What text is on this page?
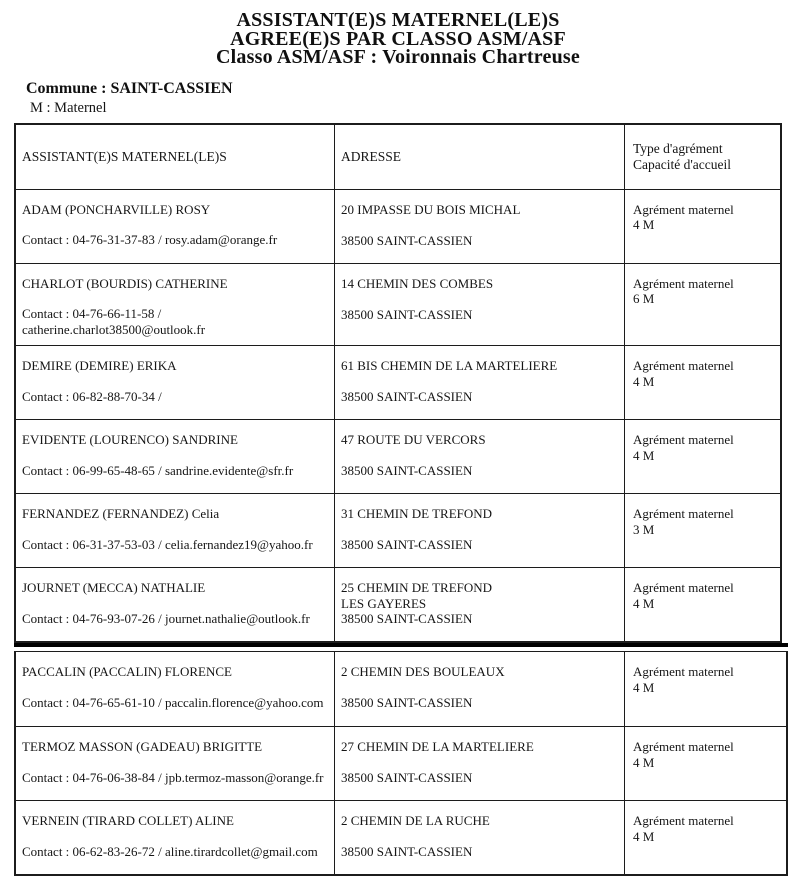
ASSISTANT(E)S MATERNEL(LE)S
AGREE(E)S PAR CLASSO ASM/ASF
Classo ASM/ASF : Voironnais Chartreuse
Commune : SAINT-CASSIEN
M : Maternel
ASSISTANT(E)S MATERNEL(LE)S	ADRESSE
Type d'agrément
Capacité d'accueil
ADAM (PONCHARVILLE) ROSY
Contact : 04-76-31-37-83 / rosy.adam@orange.fr
20 IMPASSE DU BOIS MICHAL
38500 SAINT-CASSIEN
Agrément maternel
4 M
CHARLOT (BOURDIS) CATHERINE
Contact : 04-76-66-11-58 / catherine.charlot38500@outlook.fr
14 CHEMIN DES COMBES
38500 SAINT-CASSIEN
Agrément maternel
6 M
DEMIRE (DEMIRE) ERIKA
Contact : 06-82-88-70-34 /
61 BIS CHEMIN DE LA MARTELIERE
38500 SAINT-CASSIEN
Agrément maternel
4 M
EVIDENTE (LOURENCO) SANDRINE
Contact : 06-99-65-48-65 / sandrine.evidente@sfr.fr
47 ROUTE DU VERCORS
38500 SAINT-CASSIEN
Agrément maternel
4 M
FERNANDEZ (FERNANDEZ) Celia
Contact : 06-31-37-53-03 / celia.fernandez19@yahoo.fr
31 CHEMIN DE TREFOND
38500 SAINT-CASSIEN
Agrément maternel
3 M
JOURNET (MECCA) NATHALIE
Contact : 04-76-93-07-26 / journet.nathalie@outlook.fr
25 CHEMIN DE TREFOND
LES GAYERES
38500 SAINT-CASSIEN
Agrément maternel
4 M
PACCALIN (PACCALIN) FLORENCE
Contact : 04-76-65-61-10 / paccalin.florence@yahoo.com
2 CHEMIN DES BOULEAUX
38500 SAINT-CASSIEN
Agrément maternel
4 M
TERMOZ MASSON (GADEAU) BRIGITTE
Contact : 04-76-06-38-84 / jpb.termoz-masson@orange.fr
27 CHEMIN DE LA MARTELIERE
38500 SAINT-CASSIEN
Agrément maternel
4 M
VERNEIN (TIRARD COLLET) ALINE
Contact : 06-62-83-26-72 / aline.tirardcollet@gmail.com
2 CHEMIN DE LA RUCHE
38500 SAINT-CASSIEN
Agrément maternel
4 M
